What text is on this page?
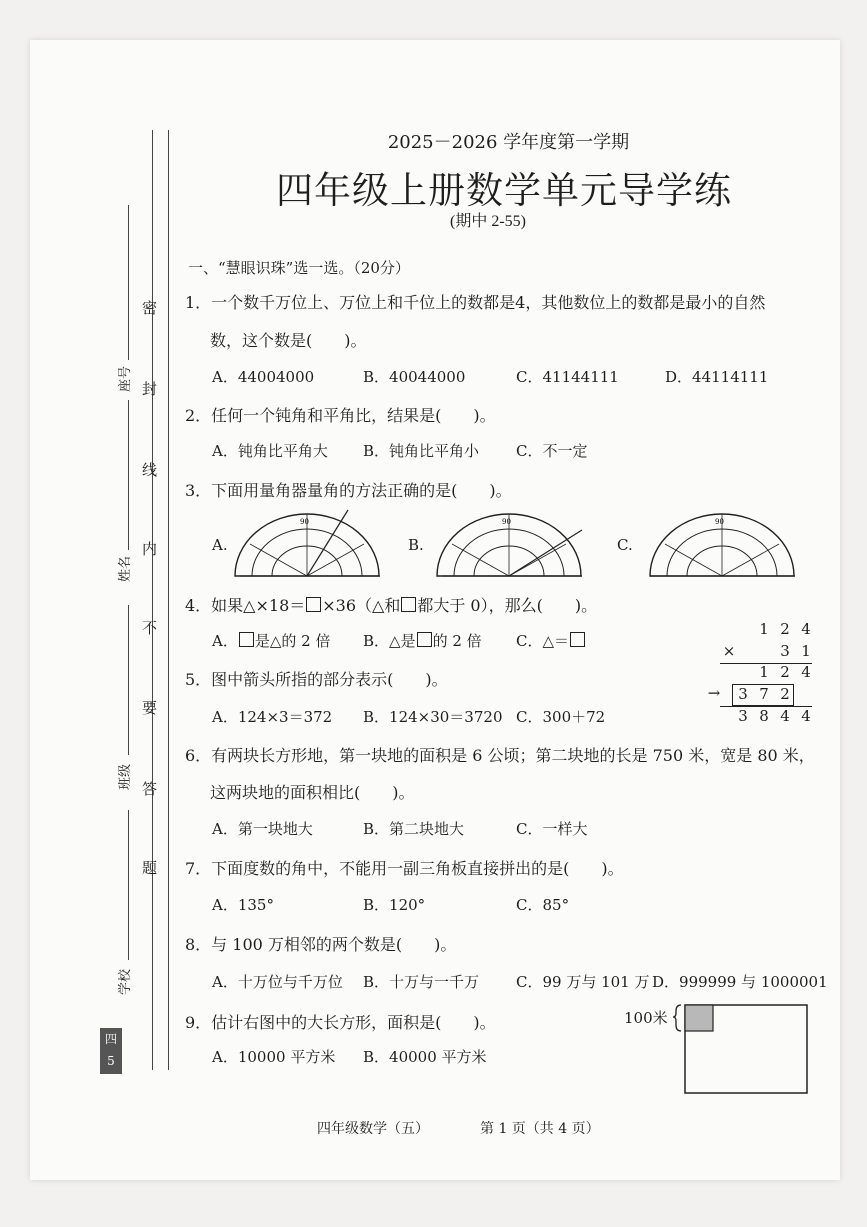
密
封
线
内
不
要
答
题
座号
姓名
班级
学校
四
5
2025－2026 学年度第一学期
四年级上册数学单元导学练
(期中 2-55)
一、“慧眼识珠”选一选。（20分）
1．一个数千万位上、万位上和千位上的数都是4，其他数位上的数都是最小的自然
数，这个数是(　　)。
A．44004000	B．40044000	C．41144111	D．44114111
2．任何一个钝角和平角比，结果是(　　)。
A．钝角比平角大 B．钝角比平角小 C．不一定
3．下面用量角器量角的方法正确的是(　　)。
A.	B.	C.
90	90	90
4．如果△×18＝ ×36（△和 都大于 0），那么(　　)。
A． 是△的 2 倍 B．△是 的 2 倍 C．△＝
1 2 4
×	3 1
1 2 4
→	3 7 2
3 8 4 4
5．图中箭头所指的部分表示(　　)。
A．124×3＝372 B．124×30＝3720 C．300＋72
6．有两块长方形地，第一块地的面积是 6 公顷；第二块地的长是 750 米，宽是 80 米，
这两块地的面积相比(　　)。
A．第一块地大	B．第二块地大	C．一样大
7．下面度数的角中，不能用一副三角板直接拼出的是(　　)。
A．135°	B．120°	C．85°
8．与 100 万相邻的两个数是(　　)。
A．十万位与千万位 B．十万与一千万 C．99 万与 101 万 D．999999 与 1000001
9．估计右图中的大长方形，面积是(　　)。
A．10000 平方米 B．40000 平方米
100米
四年级数学（五）	第 1 页（共 4 页）
